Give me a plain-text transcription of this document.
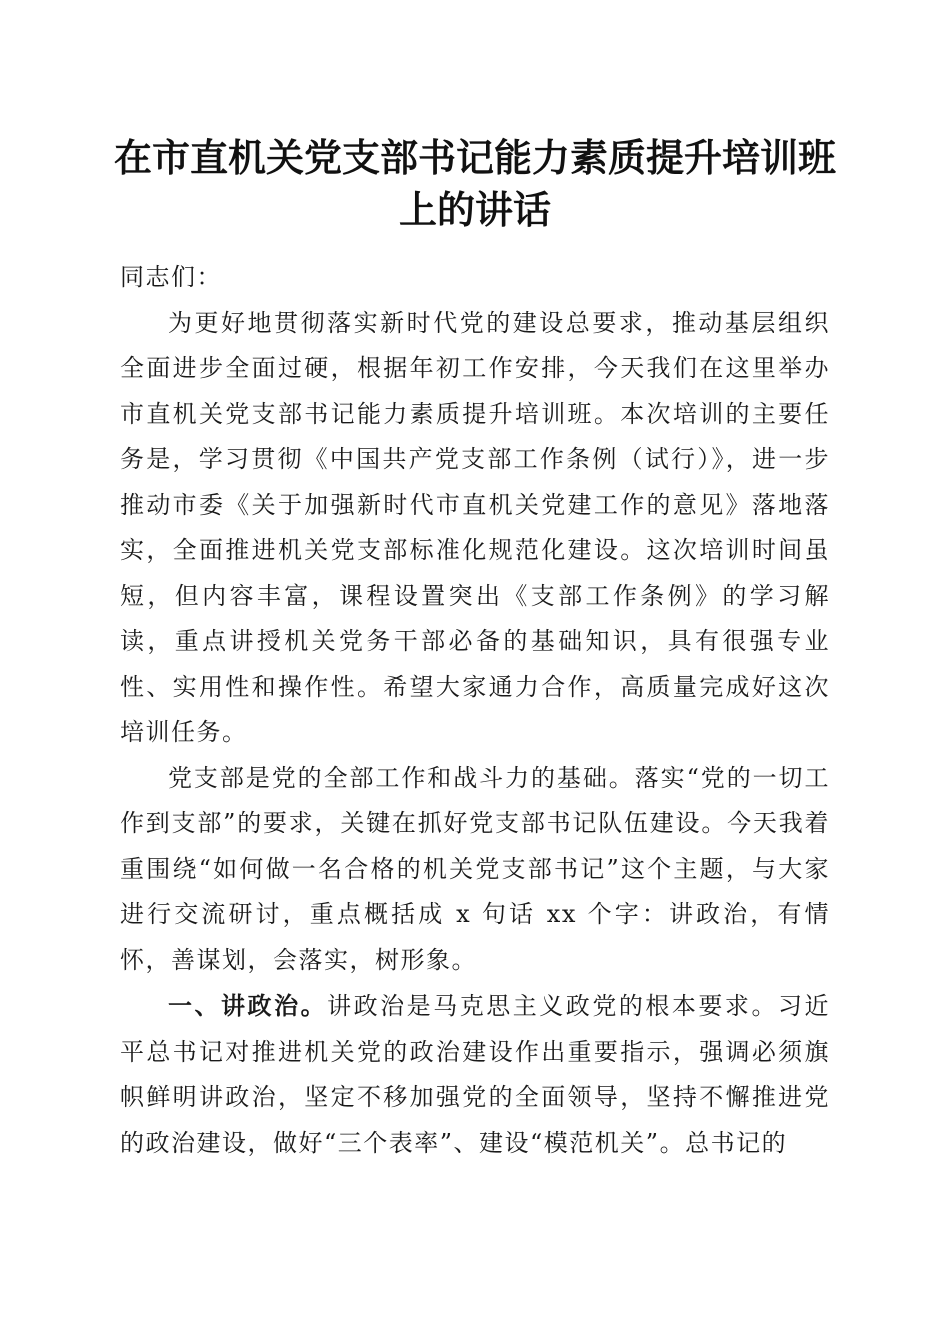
在市直机关党支部书记能力素质提升培训班上的讲话

同志们：

为更好地贯彻落实新时代党的建设总要求，推动基层组织全面进步全面过硬，根据年初工作安排，今天我们在这里举办市直机关党支部书记能力素质提升培训班。本次培训的主要任务是，学习贯彻《中国共产党支部工作条例（试行）》，进一步推动市委《关于加强新时代市直机关党建工作的意见》落地落实，全面推进机关党支部标准化规范化建设。这次培训时间虽短，但内容丰富，课程设置突出《支部工作条例》的学习解读，重点讲授机关党务干部必备的基础知识，具有很强专业性、实用性和操作性。希望大家通力合作，高质量完成好这次培训任务。

党支部是党的全部工作和战斗力的基础。落实“党的一切工作到支部”的要求，关键在抓好党支部书记队伍建设。今天我着重围绕“如何做一名合格的机关党支部书记”这个主题，与大家进行交流研讨，重点概括成 x 句话 xx 个字：讲政治，有情怀，善谋划，会落实，树形象。

一、讲政治。讲政治是马克思主义政党的根本要求。习近平总书记对推进机关党的政治建设作出重要指示，强调必须旗帜鲜明讲政治，坚定不移加强党的全面领导，坚持不懈推进党的政治建设，做好“三个表率”、建设“模范机关”。总书记的
